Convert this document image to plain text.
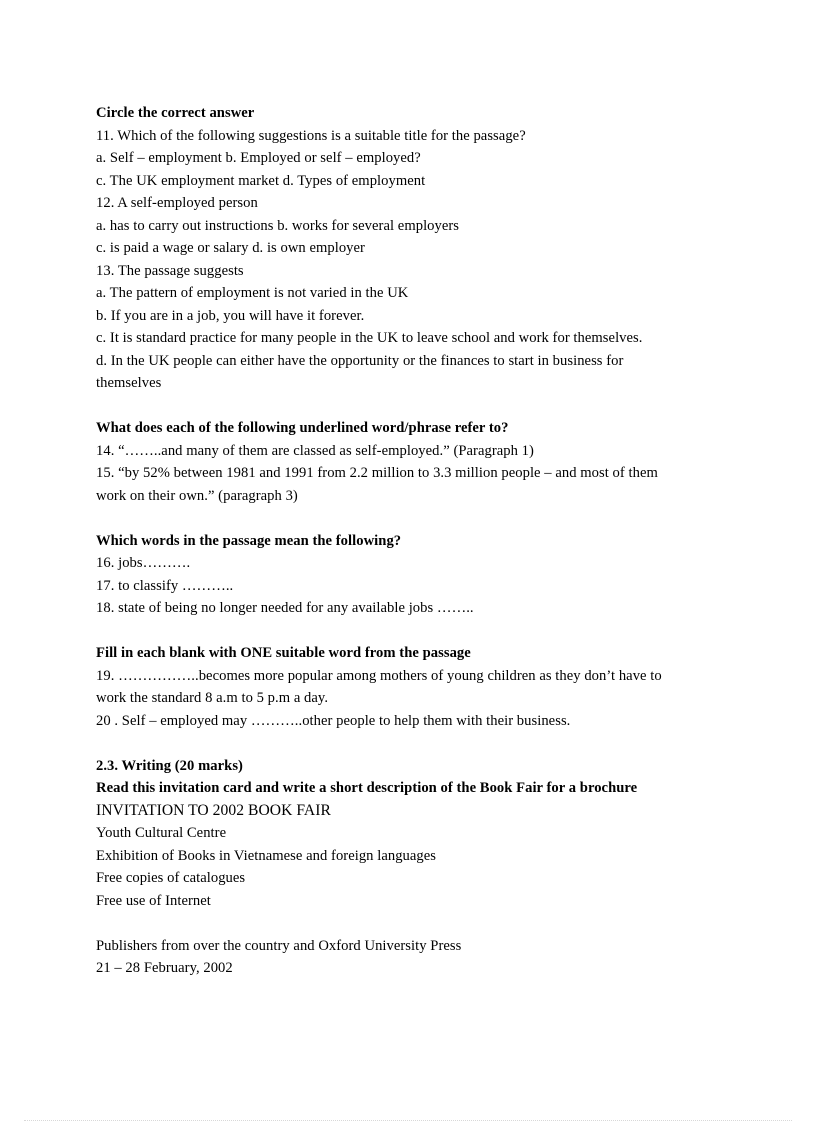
Circle the correct answer
11. Which of the following suggestions is a suitable title for the passage?
a. Self – employment b. Employed or self – employed?
c. The UK employment market d. Types of employment
12. A self-employed person
a. has to carry out instructions b. works for several employers
c. is paid a wage or salary d. is own employer
13. The passage suggests
a. The pattern of employment is not varied in the UK
b. If you are in a job, you will have it forever.
c. It is standard practice for many people in the UK to leave school and work for themselves.
d. In the UK people can either have the opportunity or the finances to start in business for
themselves
What does each of the following underlined word/phrase refer to?
14. “……..and many of them are classed as self-employed.” (Paragraph 1)
15. “by 52% between 1981 and 1991 from 2.2 million to 3.3 million people – and most of them
work on their own.” (paragraph 3)
Which words in the passage mean the following?
16. jobs……….
17. to classify ………..
18. state of being no longer needed for any available jobs ……..
Fill in each blank with ONE suitable word from the passage
19. ……………..becomes more popular among mothers of young children as they don’t have to
work the standard 8 a.m to 5 p.m a day.
20 . Self – employed may ………..other people to help them with their business.
2.3. Writing (20 marks)
Read this invitation card and write a short description of the Book Fair for a brochure
INVITATION TO 2002 BOOK FAIR
Youth Cultural Centre
Exhibition of Books in Vietnamese and foreign languages
Free copies of catalogues
Free use of Internet
Publishers from over the country and Oxford University Press
21 – 28 February, 2002
